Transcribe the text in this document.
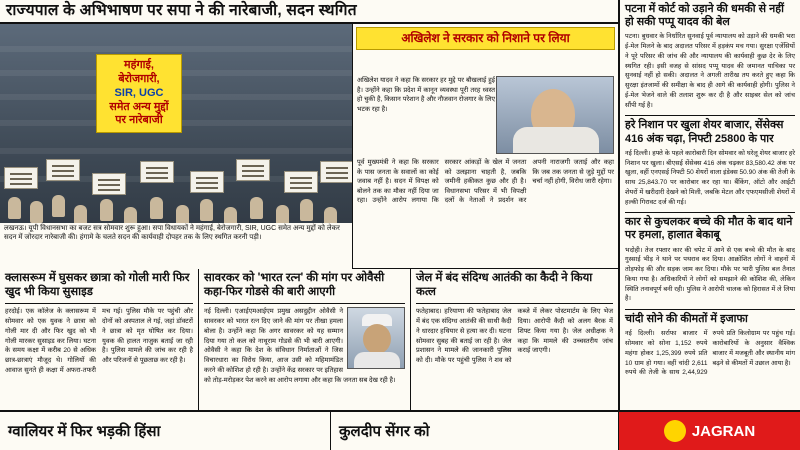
राज्यपाल के अभिभाषण पर सपा ने की नारेबाजी, सदन स्थगित
महंगाई,
बेरोजगारी,
SIR, UGC
समेत अन्य मुद्दों
पर नारेबाजी
लखनऊ। यूपी विधानसभा का बजट सत्र सोमवार शुरू हुआ। सपा विधायकों ने महंगाई, बेरोजगारी, SIR, UGC समेत अन्य मुद्दों को लेकर सदन में जोरदार नारेबाजी की। हंगामे के चलते सदन की कार्यवाही दोपहर तक के लिए स्थगित करनी पड़ी।
अखिलेश ने सरकार को निशाने पर लिया
अखिलेश यादव ने कहा कि सरकार हर मुद्दे पर बौखलाई हुई है। उन्होंने कहा कि प्रदेश में कानून व्यवस्था पूरी तरह ध्वस्त हो चुकी है, किसान परेशान है और नौजवान रोजगार के लिए भटक रहा है।
पूर्व मुख्यमंत्री ने कहा कि सरकार के पास जनता के सवालों का कोई जवाब नहीं है। सदन में विपक्ष को बोलने तक का मौका नहीं दिया जा रहा। उन्होंने आरोप लगाया कि सरकार आंकड़ों के खेल में जनता को उलझाना चाहती है, जबकि जमीनी हकीकत कुछ और ही है। विधानसभा परिसर में भी विपक्षी दलों के नेताओं ने प्रदर्शन कर अपनी नाराजगी जताई और कहा कि जब तक जनता से जुड़े मुद्दों पर चर्चा नहीं होगी, विरोध जारी रहेगा।
क्लासरूम में घुसकर छात्रा को गोली मारी फिर खुद भी किया सुसाइड

हरदोई। एक कॉलेज के क्लासरूम में सोमवार को एक युवक ने छात्रा को गोली मार दी और फिर खुद को भी गोली मारकर सुसाइड कर लिया। घटना के समय कक्षा में करीब 20 से अधिक छात्र-छात्राएं मौजूद थे। गोलियों की आवाज सुनते ही कक्षा में अफरा-तफरी मच गई। पुलिस मौके पर पहुंची और दोनों को अस्पताल ले गई, जहां डॉक्टरों ने छात्रा को मृत घोषित कर दिया। युवक की हालत नाजुक बताई जा रही है। पुलिस मामले की जांच कर रही है और परिजनों से पूछताछ कर रही है।

सावरकर को 'भारत रत्न' की मांग पर ओवैसी कहा-फिर गोडसे की बारी आएगी

नई दिल्ली। एआईएमआईएम प्रमुख असदुद्दीन ओवैसी ने सावरकर को भारत रत्न दिए जाने की मांग पर तीखा हमला बोला है। उन्होंने कहा कि अगर सावरकर को यह सम्मान दिया गया तो कल को नाथूराम गोडसे की भी बारी आएगी। ओवैसी ने कहा कि देश के संविधान निर्माताओं ने जिस विचारधारा का विरोध किया, आज उसी को महिमामंडित करने की कोशिश हो रही है। उन्होंने केंद्र सरकार पर इतिहास को तोड़-मरोड़कर पेश करने का आरोप लगाया और कहा कि जनता सब देख रही है।

जेल में बंद संदिग्ध आतंकी का कैदी ने किया कत्ल

फतेहाबाद। हरियाणा की फतेहाबाद जेल में बंद एक संदिग्ध आतंकी की साथी कैदी ने धारदार हथियार से हत्या कर दी। घटना सोमवार सुबह की बताई जा रही है। जेल प्रशासन ने मामले की जानकारी पुलिस को दी। मौके पर पहुंची पुलिस ने शव को कब्जे में लेकर पोस्टमार्टम के लिए भेज दिया। आरोपी कैदी को अलग बैरक में शिफ्ट किया गया है। जेल अधीक्षक ने कहा कि मामले की उच्चस्तरीय जांच कराई जाएगी।

पटना में कोर्ट को उड़ाने की धमकी से नहीं हो सकी पप्पू यादव की बेल

पटना। बुधवार के निर्धारित सुनवाई पूर्व न्यायालय को उड़ाने की धमकी भरा ई-मेल मिलने के बाद अदालत परिसर में हड़कंप मच गया। सुरक्षा एजेंसियों ने पूरे परिसर की जांच की और न्यायालय की कार्यवाही कुछ देर के लिए स्थगित रही। इसी वजह से सांसद पप्पू यादव की जमानत याचिका पर सुनवाई नहीं हो सकी। अदालत ने अगली तारीख तय करते हुए कहा कि सुरक्षा इंतजामों की समीक्षा के बाद ही आगे की कार्यवाही होगी। पुलिस ने ई-मेल भेजने वाले की तलाश शुरू कर दी है और साइबर सेल को जांच सौंपी गई है।

हरे निशान पर खुला शेयर बाजार, सेंसेक्स 416 अंक चढ़ा, निफ्टी 25800 के पार

नई दिल्ली। हफ्ते के पहले कारोबारी दिन सोमवार को घरेलू शेयर बाजार हरे निशान पर खुला। बीएसई सेंसेक्स 416 अंक चढ़कर 83,580.42 अंक पर खुला, वहीं एनएसई निफ्टी 50 शेयरों वाला इंडेक्स 50.90 अंक की तेजी के साथ 25,843.70 पर कारोबार कर रहा था। बैंकिंग, ऑटो और आईटी शेयरों में खरीदारी देखने को मिली, जबकि मेटल और एफएमसीजी शेयरों में हल्की गिरावट दर्ज की गई।

कार से कुचलकर बच्चे की मौत के बाद थाने पर हमला, हालात बेकाबू

भदोही। तेज रफ्तार कार की चपेट में आने से एक बच्चे की मौत के बाद गुस्साई भीड़ ने थाने पर पथराव कर दिया। आक्रोशित लोगों ने वाहनों में तोड़फोड़ की और सड़क जाम कर दिया। मौके पर भारी पुलिस बल तैनात किया गया है। अधिकारियों ने लोगों को समझाने की कोशिश की, लेकिन स्थिति तनावपूर्ण बनी रही। पुलिस ने आरोपी चालक को हिरासत में ले लिया है।

चांदी सोने की कीमतों में इजाफा

नई दिल्ली। सर्राफा बाजार में सोमवार को सोना 1,152 रुपये महंगा होकर 1,25,399 रुपये प्रति 10 ग्राम हो गया। वहीं चांदी 2,611 रुपये की तेजी के साथ 2,44,929 रुपये प्रति किलोग्राम पर पहुंच गई। कारोबारियों के अनुसार वैश्विक बाजार में मजबूती और स्थानीय मांग बढ़ने से कीमतों में उछाल आया है।

ग्वालियर में फिर भड़की हिंसा	कुलदीप सेंगर को	JAGRAN
